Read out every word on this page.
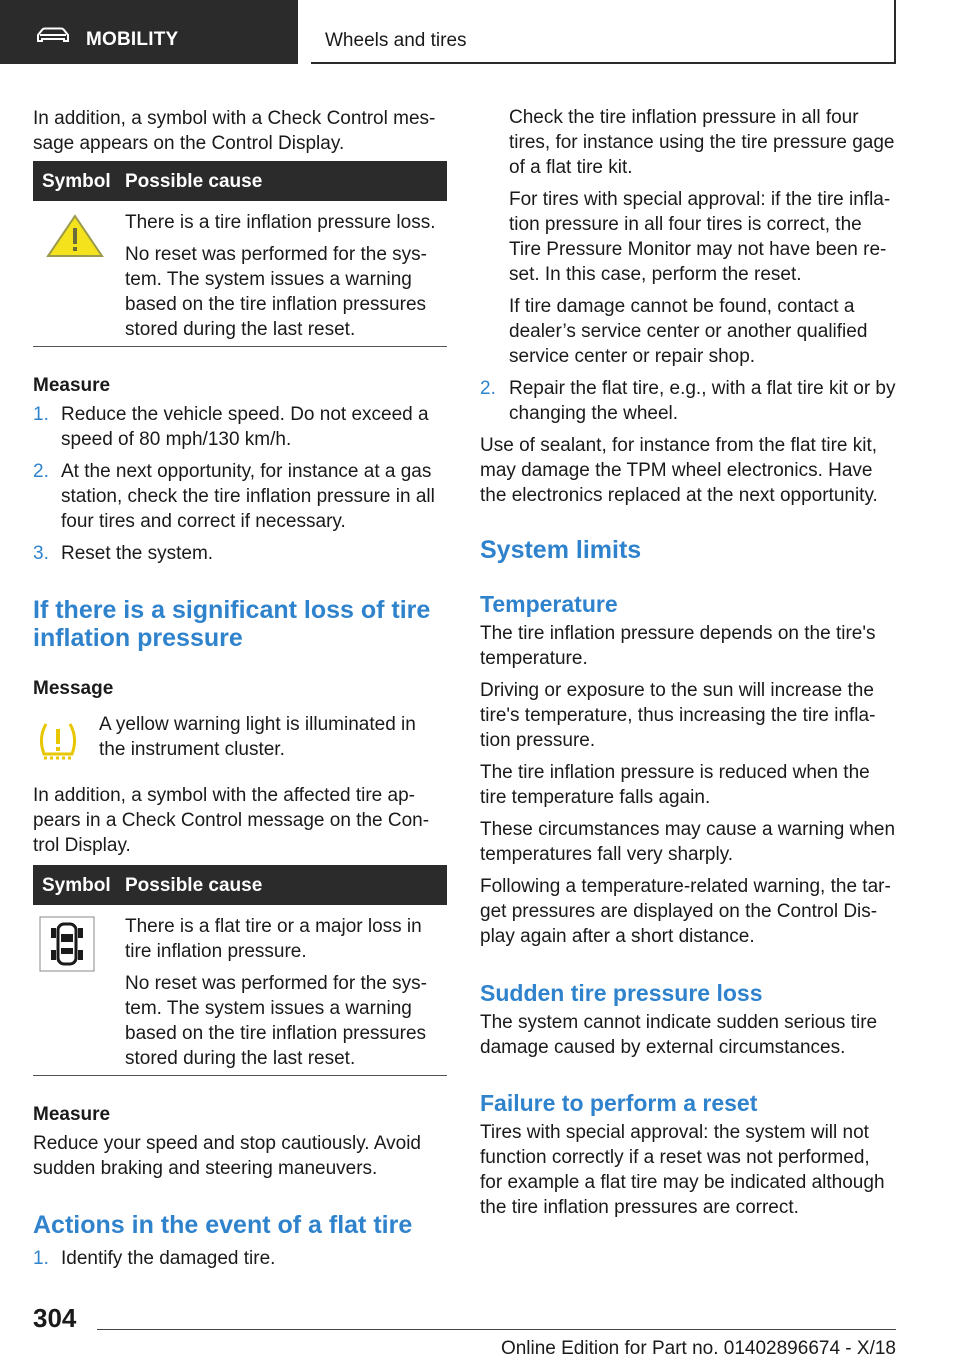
MOBILITY	Wheels and tires
In addition, a symbol with a Check Control mes-sage appears on the Control Display.
Symbol	Possible cause

There is a tire inflation pressure loss.
No reset was performed for the sys-tem. The system issues a warning based on the tire inflation pressures stored during the last reset.
Measure
1. Reduce the vehicle speed. Do not exceed a speed of 80 mph/130 km/h.
2. At the next opportunity, for instance at a gas station, check the tire inflation pressure in all four tires and correct if necessary.
3. Reset the system.
If there is a significant loss of tire inflation pressure
Message
A yellow warning light is illuminated in the instrument cluster.
In addition, a symbol with the affected tire ap-pears in a Check Control message on the Con-trol Display.
Symbol	Possible cause

There is a flat tire or a major loss in tire inflation pressure.
No reset was performed for the sys-tem. The system issues a warning based on the tire inflation pressures stored during the last reset.
Measure
Reduce your speed and stop cautiously. Avoid sudden braking and steering maneuvers.
Actions in the event of a flat tire
1. Identify the damaged tire.
Check the tire inflation pressure in all four tires, for instance using the tire pressure gage of a flat tire kit.
For tires with special approval: if the tire infla-tion pressure in all four tires is correct, the Tire Pressure Monitor may not have been re-set. In this case, perform the reset.
If tire damage cannot be found, contact a dealer’s service center or another qualified service center or repair shop.
2. Repair the flat tire, e.g., with a flat tire kit or by changing the wheel.
Use of sealant, for instance from the flat tire kit, may damage the TPM wheel electronics. Have the electronics replaced at the next opportunity.
System limits
Temperature
The tire inflation pressure depends on the tire's temperature.
Driving or exposure to the sun will increase the tire's temperature, thus increasing the tire infla-tion pressure.
The tire inflation pressure is reduced when the tire temperature falls again.
These circumstances may cause a warning when temperatures fall very sharply.
Following a temperature-related warning, the tar-get pressures are displayed on the Control Dis-play again after a short distance.
Sudden tire pressure loss
The system cannot indicate sudden serious tire damage caused by external circumstances.
Failure to perform a reset
Tires with special approval: the system will not function correctly if a reset was not performed, for example a flat tire may be indicated although the tire inflation pressures are correct.
304
Online Edition for Part no. 01402896674 - X/18
